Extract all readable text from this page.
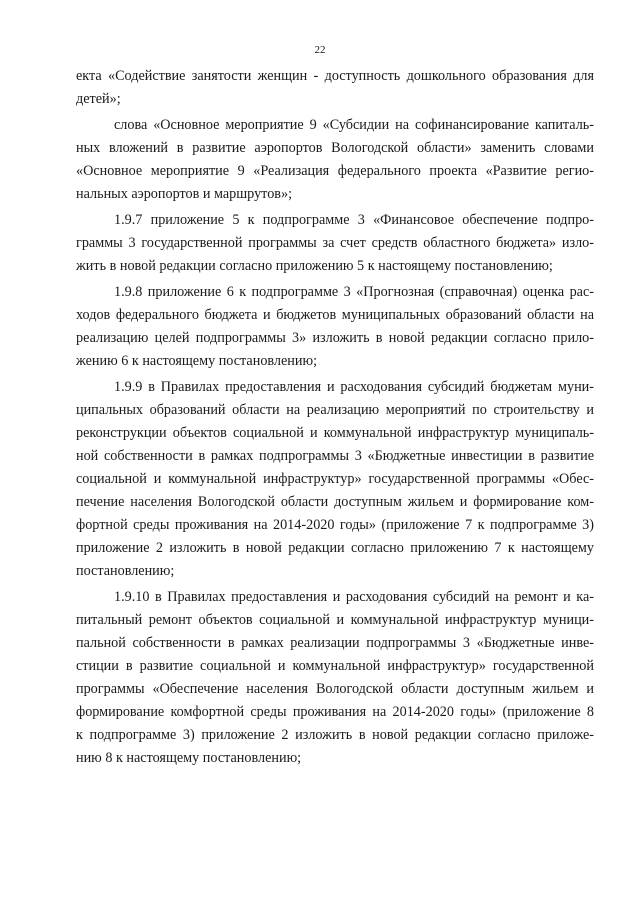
22
екта «Содействие занятости женщин - доступность дошкольного образования для
детей»;
слова «Основное мероприятие 9 «Субсидии на софинансирование капиталь-
ных вложений в развитие аэропортов Вологодской области» заменить словами
«Основное мероприятие 9 «Реализация федерального проекта «Развитие регио-
нальных аэропортов и маршрутов»;
1.9.7 приложение 5 к подпрограмме 3 «Финансовое обеспечение подпро-
граммы 3 государственной программы за счет средств областного бюджета» изло-
жить в новой редакции согласно приложению 5 к настоящему постановлению;
1.9.8 приложение 6 к подпрограмме 3 «Прогнозная (справочная) оценка рас-
ходов федерального бюджета и бюджетов муниципальных образований области на
реализацию целей подпрограммы 3» изложить в новой редакции согласно прило-
жению 6 к настоящему постановлению;
1.9.9 в Правилах предоставления и расходования субсидий бюджетам муни-
ципальных образований области на реализацию мероприятий по строительству и
реконструкции объектов социальной и коммунальной инфраструктур муниципаль-
ной собственности в рамках подпрограммы 3 «Бюджетные инвестиции в развитие
социальной и коммунальной инфраструктур» государственной программы «Обес-
печение населения Вологодской области доступным жильем и формирование ком-
фортной среды проживания на 2014-2020 годы» (приложение 7 к подпрограмме 3)
приложение 2 изложить в новой редакции согласно приложению 7 к настоящему
постановлению;
1.9.10 в Правилах предоставления и расходования субсидий на ремонт и ка-
питальный ремонт объектов социальной и коммунальной инфраструктур муници-
пальной собственности в рамках реализации подпрограммы 3 «Бюджетные инве-
стиции в развитие социальной и коммунальной инфраструктур» государственной
программы «Обеспечение населения Вологодской области доступным жильем и
формирование комфортной среды проживания на 2014-2020 годы» (приложение 8
к подпрограмме 3) приложение 2 изложить в новой редакции согласно приложе-
нию 8 к настоящему постановлению;
